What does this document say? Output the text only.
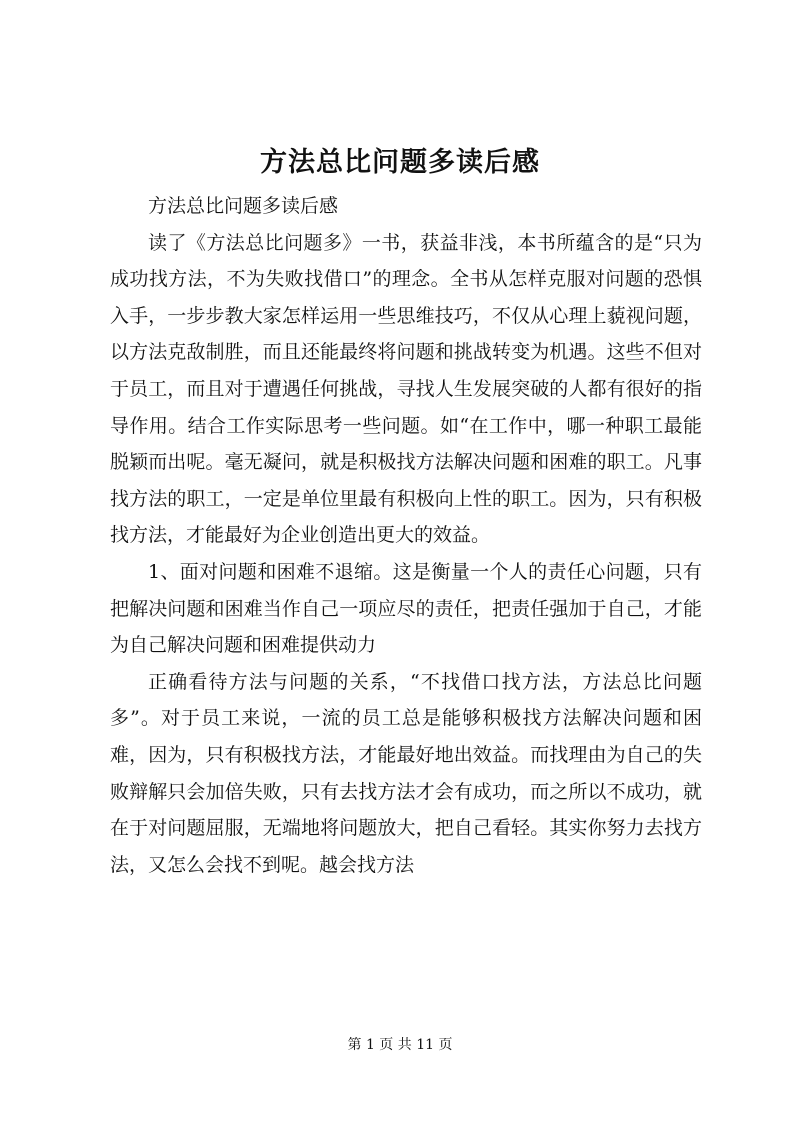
方法总比问题多读后感

方法总比问题多读后感

读了《方法总比问题多》一书，获益非浅，本书所蕴含的是“只为成功找方法，不为失败找借口”的理念。全书从怎样克服对问题的恐惧入手，一步步教大家怎样运用一些思维技巧，不仅从心理上藐视问题，以方法克敌制胜，而且还能最终将问题和挑战转变为机遇。这些不但对于员工，而且对于遭遇任何挑战，寻找人生发展突破的人都有很好的指导作用。结合工作实际思考一些问题。如“在工作中，哪一种职工最能脱颖而出呢。毫无凝问，就是积极找方法解决问题和困难的职工。凡事找方法的职工，一定是单位里最有积极向上性的职工。因为，只有积极找方法，才能最好为企业创造出更大的效益。

1、面对问题和困难不退缩。这是衡量一个人的责任心问题，只有把解决问题和困难当作自己一项应尽的责任，把责任强加于自己，才能为自己解决问题和困难提供动力

正确看待方法与问题的关系，“不找借口找方法，方法总比问题多”。对于员工来说，一流的员工总是能够积极找方法解决问题和困难，因为，只有积极找方法，才能最好地出效益。而找理由为自己的失败辩解只会加倍失败，只有去找方法才会有成功，而之所以不成功，就在于对问题屈服，无端地将问题放大，把自己看轻。其实你努力去找方法，又怎么会找不到呢。越会找方法

第 1 页 共 11 页
